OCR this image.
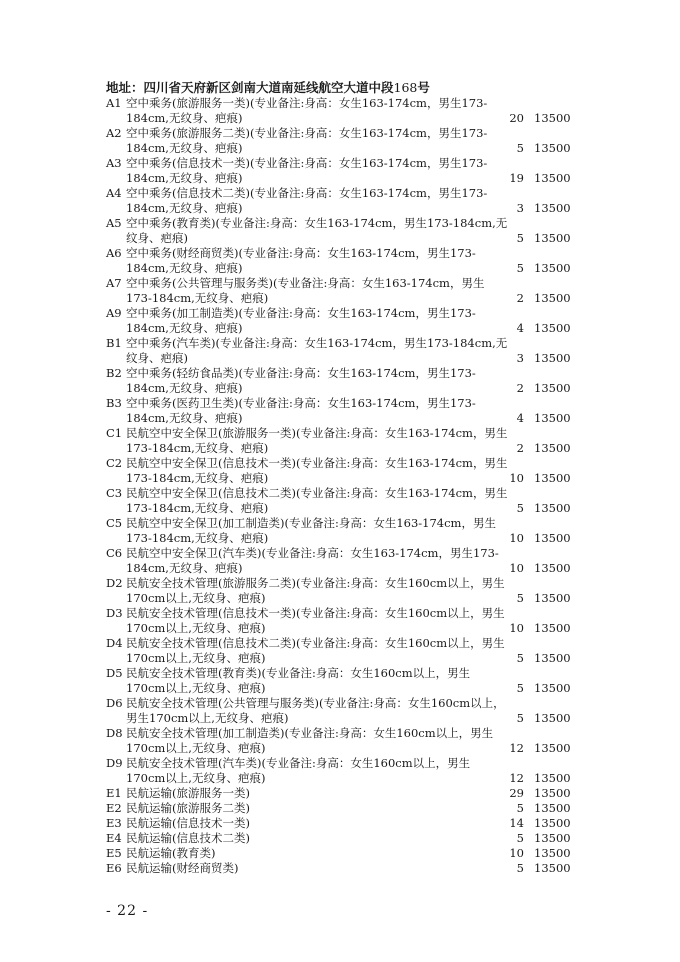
地址：四川省天府新区剑南大道南延线航空大道中段168号
A1 空中乘务(旅游服务一类)(专业备注:身高：女生163-174cm，男生173-184cm,无纹身、疤痕)	20 13500
A2 空中乘务(旅游服务二类)(专业备注:身高：女生163-174cm，男生173-184cm,无纹身、疤痕)	5 13500
A3 空中乘务(信息技术一类)(专业备注:身高：女生163-174cm，男生173-184cm,无纹身、疤痕)	19 13500
A4 空中乘务(信息技术二类)(专业备注:身高：女生163-174cm，男生173-184cm,无纹身、疤痕)	3 13500
A5 空中乘务(教育类)(专业备注:身高：女生163-174cm，男生173-184cm,无纹身、疤痕)	5 13500
A6 空中乘务(财经商贸类)(专业备注:身高：女生163-174cm，男生173-184cm,无纹身、疤痕)	5 13500
A7 空中乘务(公共管理与服务类)(专业备注:身高：女生163-174cm，男生173-184cm,无纹身、疤痕)	2 13500
A9 空中乘务(加工制造类)(专业备注:身高：女生163-174cm，男生173-184cm,无纹身、疤痕)	4 13500
B1 空中乘务(汽车类)(专业备注:身高：女生163-174cm，男生173-184cm,无纹身、疤痕)	3 13500
B2 空中乘务(轻纺食品类)(专业备注:身高：女生163-174cm，男生173-184cm,无纹身、疤痕)	2 13500
B3 空中乘务(医药卫生类)(专业备注:身高：女生163-174cm，男生173-184cm,无纹身、疤痕)	4 13500
C1 民航空中安全保卫(旅游服务一类)(专业备注:身高：女生163-174cm，男生173-184cm,无纹身、疤痕)	2 13500
C2 民航空中安全保卫(信息技术一类)(专业备注:身高：女生163-174cm，男生173-184cm,无纹身、疤痕)	10 13500
C3 民航空中安全保卫(信息技术二类)(专业备注:身高：女生163-174cm，男生173-184cm,无纹身、疤痕)	5 13500
C5 民航空中安全保卫(加工制造类)(专业备注:身高：女生163-174cm，男生173-184cm,无纹身、疤痕)	10 13500
C6 民航空中安全保卫(汽车类)(专业备注:身高：女生163-174cm，男生173-184cm,无纹身、疤痕)	10 13500
D2 民航安全技术管理(旅游服务二类)(专业备注:身高：女生160cm以上，男生170cm以上,无纹身、疤痕)	5 13500
D3 民航安全技术管理(信息技术一类)(专业备注:身高：女生160cm以上，男生170cm以上,无纹身、疤痕)	10 13500
D4 民航安全技术管理(信息技术二类)(专业备注:身高：女生160cm以上，男生170cm以上,无纹身、疤痕)	5 13500
D5 民航安全技术管理(教育类)(专业备注:身高：女生160cm以上，男生170cm以上,无纹身、疤痕)	5 13500
D6 民航安全技术管理(公共管理与服务类)(专业备注:身高：女生160cm以上，男生170cm以上,无纹身、疤痕)	5 13500
D8 民航安全技术管理(加工制造类)(专业备注:身高：女生160cm以上，男生170cm以上,无纹身、疤痕)	12 13500
D9 民航安全技术管理(汽车类)(专业备注:身高：女生160cm以上，男生170cm以上,无纹身、疤痕)	12 13500
E1 民航运输(旅游服务一类)	29 13500
E2 民航运输(旅游服务二类)	5 13500
E3 民航运输(信息技术一类)	14 13500
E4 民航运输(信息技术二类)	5 13500
E5 民航运输(教育类)	10 13500
E6 民航运输(财经商贸类)	5 13500
- 22 -
